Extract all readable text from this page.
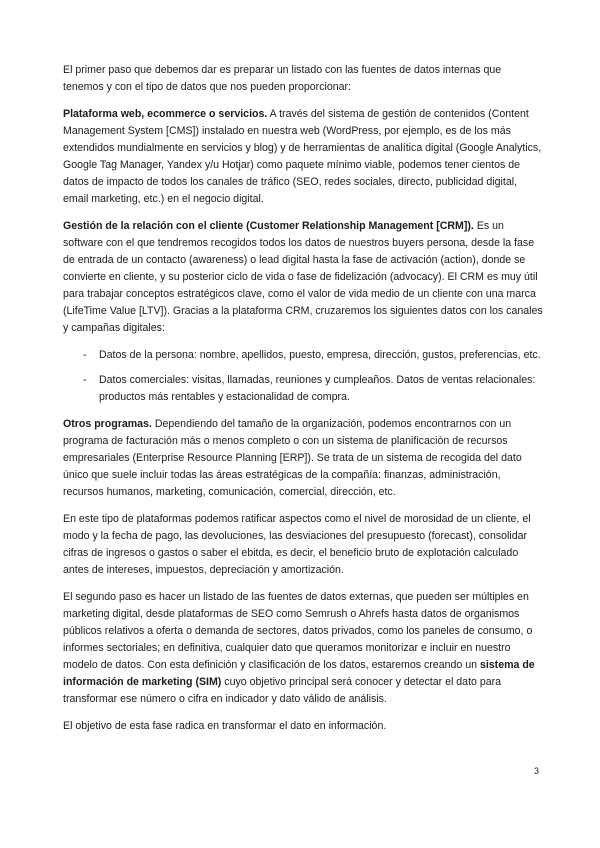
El primer paso que debemos dar es preparar un listado con las fuentes de datos internas que tenemos y con el tipo de datos que nos pueden proporcionar:

Plataforma web, ecommerce o servicios. A través del sistema de gestión de contenidos (Content Management System [CMS]) instalado en nuestra web (WordPress, por ejemplo, es de los más extendidos mundialmente en servicios y blog) y de herramientas de analítica digital (Google Analytics, Google Tag Manager, Yandex y/u Hotjar) como paquete mínimo viable, podemos tener cientos de datos de impacto de todos los canales de tráfico (SEO, redes sociales, directo, publicidad digital, email marketing, etc.) en el negocio digital.

Gestión de la relación con el cliente (Customer Relationship Management [CRM]). Es un software con el que tendremos recogidos todos los datos de nuestros buyers persona, desde la fase de entrada de un contacto (awareness) o lead digital hasta la fase de activación (action), donde se convierte en cliente, y su posterior ciclo de vida o fase de fidelización (advocacy). El CRM es muy útil para trabajar conceptos estratégicos clave, como el valor de vida medio de un cliente con una marca (LifeTime Value [LTV]). Gracias a la plataforma CRM, cruzaremos los siguientes datos con los canales y campañas digitales:

- Datos de la persona: nombre, apellidos, puesto, empresa, dirección, gustos, preferencias, etc.
- Datos comerciales: visitas, llamadas, reuniones y cumpleaños. Datos de ventas relacionales: productos más rentables y estacionalidad de compra.

Otros programas. Dependiendo del tamaño de la organización, podemos encontrarnos con un programa de facturación más o menos completo o con un sistema de planificación de recursos empresariales (Enterprise Resource Planning [ERP]). Se trata de un sistema de recogida del dato único que suele incluir todas las áreas estratégicas de la compañía: finanzas, administración, recursos humanos, marketing, comunicación, comercial, dirección, etc.

En este tipo de plataformas podemos ratificar aspectos como el nivel de morosidad de un cliente, el modo y la fecha de pago, las devoluciones, las desviaciones del presupuesto (forecast), consolidar cifras de ingresos o gastos o saber el ebitda, es decir, el beneficio bruto de explotación calculado antes de intereses, impuestos, depreciación y amortización.

El segundo paso es hacer un listado de las fuentes de datos externas, que pueden ser múltiples en marketing digital, desde plataformas de SEO como Semrush o Ahrefs hasta datos de organismos públicos relativos a oferta o demanda de sectores, datos privados, como los paneles de consumo, o informes sectoriales; en definitiva, cualquier dato que queramos monitorizar e incluir en nuestro modelo de datos. Con esta definición y clasificación de los datos, estaremos creando un sistema de información de marketing (SIM) cuyo objetivo principal será conocer y detectar el dato para transformar ese número o cifra en indicador y dato válido de análisis.

El objetivo de esta fase radica en transformar el dato en información.

3
